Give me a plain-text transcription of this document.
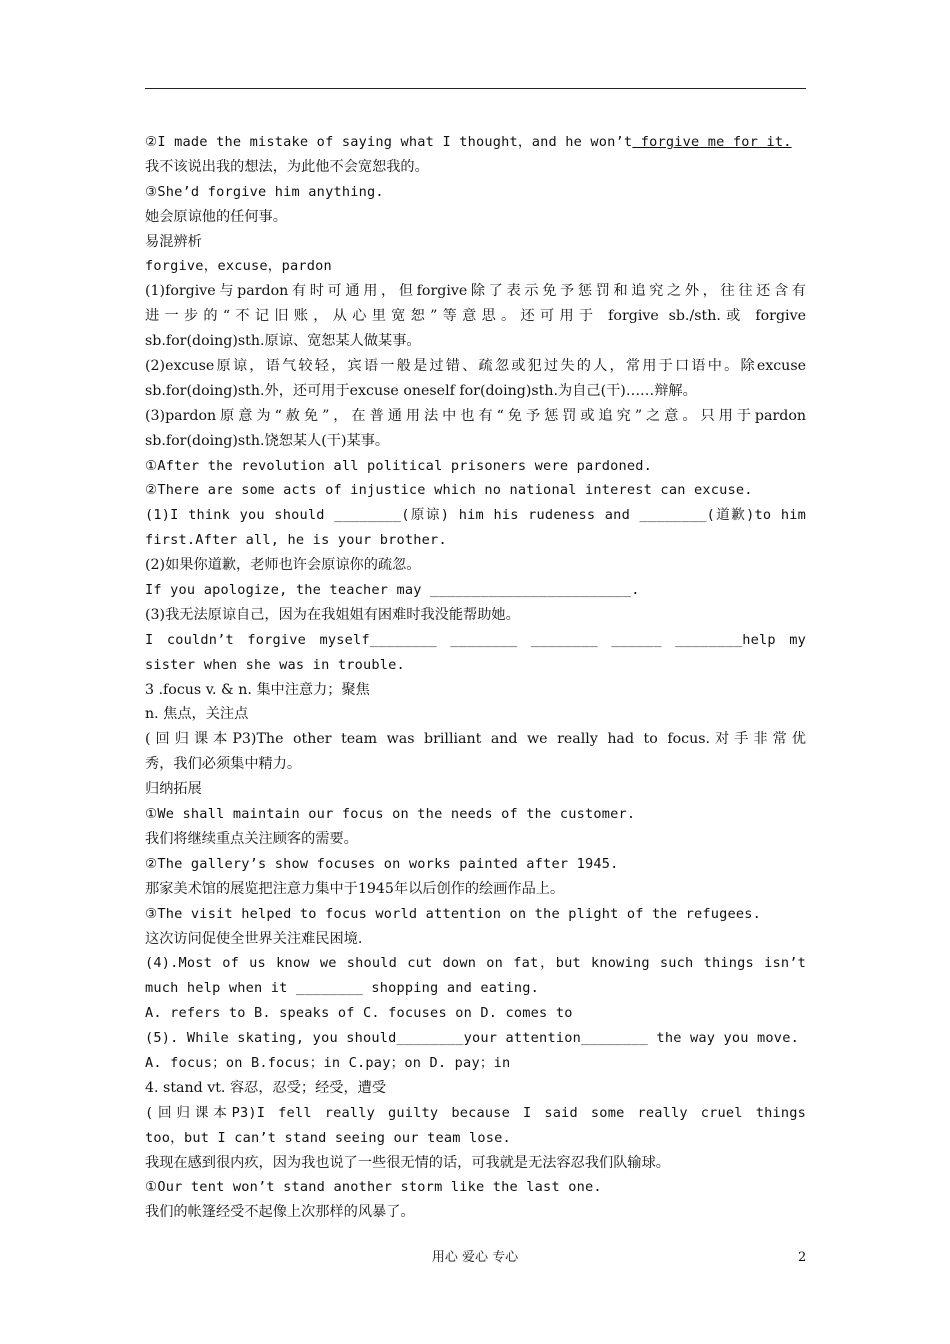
②I made the mistake of saying what I thought，and he won’t forgive me for it.
我不该说出我的想法，为此他不会宽恕我的。
③She’d forgive him anything.
她会原谅他的任何事。
易混辨析
forgive，excuse，pardon
(1)forgive与pardon有时可通用，但forgive除了表示免予惩罚和追究之外，往往还含有
进一步的“不记旧账，从心里宽恕”等意思。还可用于 forgive sb./sth.或 forgive
sb.for(doing)sth.原谅、宽恕某人做某事。
(2)excuse原谅，语气较轻，宾语一般是过错、疏忽或犯过失的人，常用于口语中。除excuse
sb.for(doing)sth.外，还可用于excuse oneself for(doing)sth.为自己(干)……辩解。
(3)pardon原意为“赦免”，在普通用法中也有“免予惩罚或追究”之意。只用于pardon
sb.for(doing)sth.饶恕某人(干)某事。
①After the revolution all political prisoners were pardoned.
②There are some acts of injustice which no national interest can excuse.
(1)I think you should ________(原谅) him his rudeness and ________(道歉)to him
first.After all, he is your brother.
(2)如果你道歉，老师也许会原谅你的疏忽。
If you apologize, the teacher may ________________________.
(3)我无法原谅自己，因为在我姐姐有困难时我没能帮助她。
I couldn’t forgive myself________ ________ ________ ______ ________help my
sister when she was in trouble.
3 .focus v. & n. 集中注意力；聚焦
n. 焦点，关注点
(回归课本P3)The other team was brilliant and we really had to focus.对手非常优
秀，我们必须集中精力。
归纳拓展
①We shall maintain our focus on the needs of the customer.
我们将继续重点关注顾客的需要。
②The gallery’s show focuses on works painted after 1945.
那家美术馆的展览把注意力集中于1945年以后创作的绘画作品上。
③The visit helped to focus world attention on the plight of the refugees.
这次访问促使全世界关注难民困境.
(4).Most of us know we should cut down on fat，but knowing such things isn’t
much help when it ________ shopping and eating.
A. refers to B. speaks of C. focuses on D. comes to
(5). While skating, you should________your attention________ the way you move.
A. focus；on B.focus；in C.pay；on D. pay；in
4. stand vt. 容忍，忍受；经受，遭受
(回归课本P3)I fell really guilty because I said some really cruel things
too，but I can’t stand seeing our team lose.
我现在感到很内疚，因为我也说了一些很无情的话，可我就是无法容忍我们队输球。
①Our tent won’t stand another storm like the last one.
我们的帐篷经受不起像上次那样的风暴了。
用心 爱心 专心	2
